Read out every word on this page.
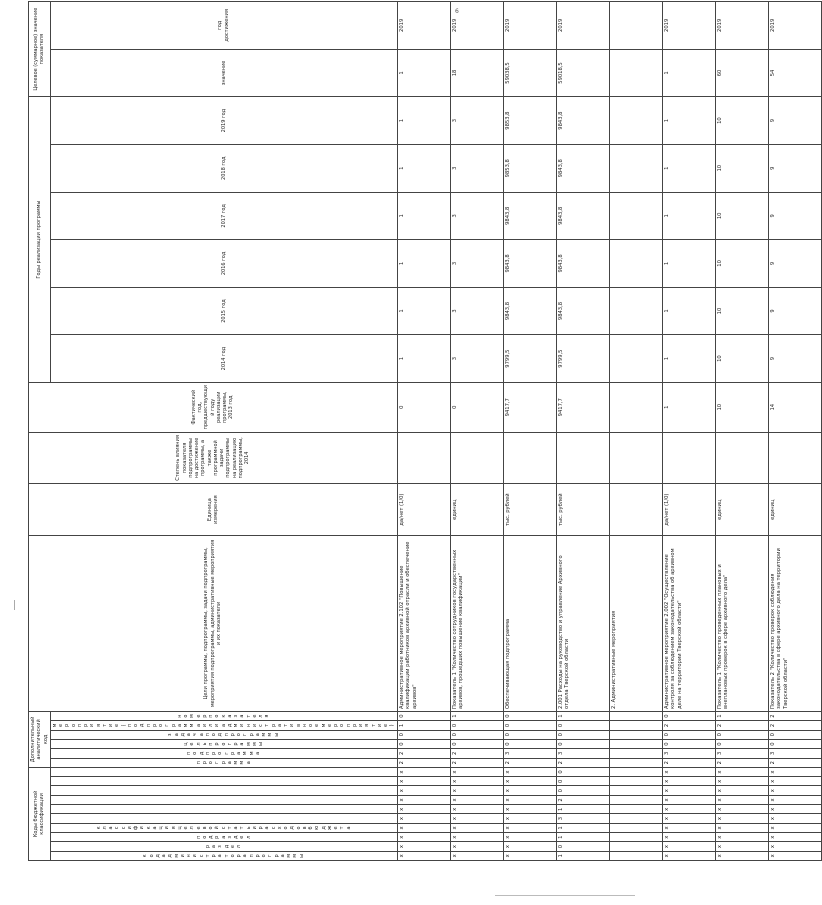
6
Коды бюджетной классификации										Дополнительный аналитический код						Цели программы, подпрограммы, задачи подпрограммы, мероприятия подпрограммы, административные мероприятия и их показатели	Единица измерения	Степень влияния показателя подпрограммы на достижение программы, а также программной задачи подпрограммы на реализацию подпрограммы, 2014	Фактический год, предшествующий году реализации программы, 2013 год	Годы реализации программы						Целевое (суммарное) значение показателя	
код администратора программы	раздел	подраздел	классификация целевой статьи расходов бюджета							программа	подпрограмма	цель программы	задача подпрограммы	мероприятие (подпрограмма или административное мероприятие)	номер показателя					2014 год	2015 год	2016 год	2017 год	2018 год	2019 год	значение	год достижения
x	x	x	x	x	x	x	x	x	x	2	2	0	0	1	0	Административное мероприятие 2.102 "Повышение квалификации работников архивной отрасли и обеспечение архивов"	да/нет (1/0)		0	1	1	1	1	1	1	1	2019
x	x	x	x	x	x	x	x	x	x	2	2	0	0	0	1	Показатель 1 "Количество сотрудников государственных архивов, прошедших повышение квалификации"	единиц		0	3	3	3	3	3	3	18	2019
x	x	x	x	x	x	x	x	x	x	2	3	0	0	0	0	Обеспечивающая подпрограмма	тыс. рублей		9417,7	9799,5	9843,8	9843,8	9843,8	9853,8	9853,8	59038,5	2019
1	0	1	1	3	1	2	0	0	0	2	3	0	0	0	1	2.001 Расходы на руководство и управление Архивного отдела Тверской области	тыс. рублей		9417,7	9799,5	9843,8	9843,8	9843,8	9843,8	9843,8	59018,5	2019
																2. Административные мероприятия											
x	x	x	x	x	x	x	x	x	x	2	3	0	0	2	0	Административное мероприятие 2.002 "Осуществление контроля за соблюдением законодательства об архивном деле на территории Тверской области"	да/нет (1/0)		1	1	1	1	1	1	1	1	2019
x	x	x	x	x	x	x	x	x	x	2	3	0	0	2	1	Показатель 1 "Количество проведенных плановых и внеплановых проверок в сфере архивного дела"	единиц		10	10	10	10	10	10	10	60	2019
x	x	x	x	x	x	x	x	x	x	2	3	0	0	2	2	Показатель 2 "Количество проверок соблюдения законодательства в сфере архивного дела на территории Тверской области"	единиц		14	9	9	9	9	9	9	54	2019
